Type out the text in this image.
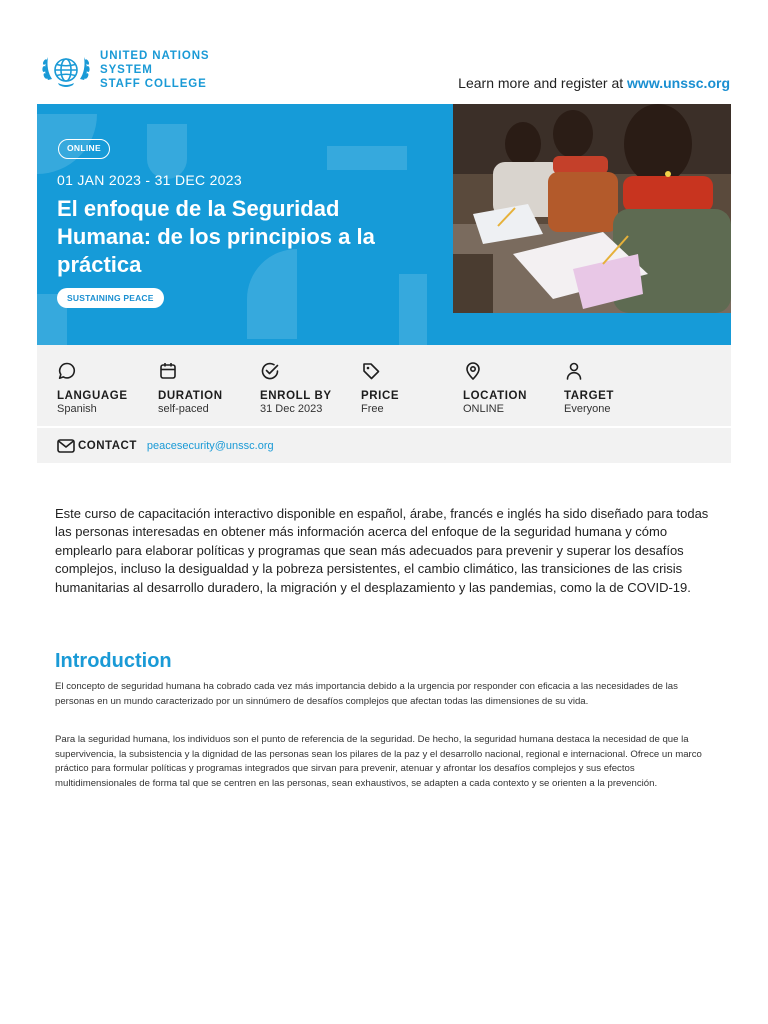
UNITED NATIONS
SYSTEM
STAFF COLLEGE	Learn more and register at www.unssc.org
ONLINE
01 JAN 2023 - 31 DEC 2023
El enfoque de la Seguridad Humana: de los principios a la práctica
SUSTAINING PEACE
LANGUAGE
Spanish
DURATION
self-paced
ENROLL BY
31 Dec 2023
PRICE
Free
LOCATION
ONLINE
TARGET
Everyone
CONTACT peacesecurity@unssc.org

Este curso de capacitación interactivo disponible en español, árabe, francés e inglés ha sido diseñado para todas las personas interesadas en obtener más información acerca del enfoque de la seguridad humana y cómo emplearlo para elaborar políticas y programas que sean más adecuados para prevenir y superar los desafíos complejos, incluso la desigualdad y la pobreza persistentes, el cambio climático, las transiciones de las crisis humanitarias al desarrollo duradero, la migración y el desplazamiento y las pandemias, como la de COVID-19.

Introduction

El concepto de seguridad humana ha cobrado cada vez más importancia debido a la urgencia por responder con eficacia a las necesidades de las personas en un mundo caracterizado por un sinnúmero de desafíos complejos que afectan todas las dimensiones de su vida.

Para la seguridad humana, los individuos son el punto de referencia de la seguridad. De hecho, la seguridad humana destaca la necesidad de que la supervivencia, la subsistencia y la dignidad de las personas sean los pilares de la paz y el desarrollo nacional, regional e internacional. Ofrece un marco práctico para formular políticas y programas integrados que sirvan para prevenir, atenuar y afrontar los desafíos complejos y sus efectos multidimensionales de forma tal que se centren en las personas, sean exhaustivos, se adapten a cada contexto y se orienten a la prevención.
